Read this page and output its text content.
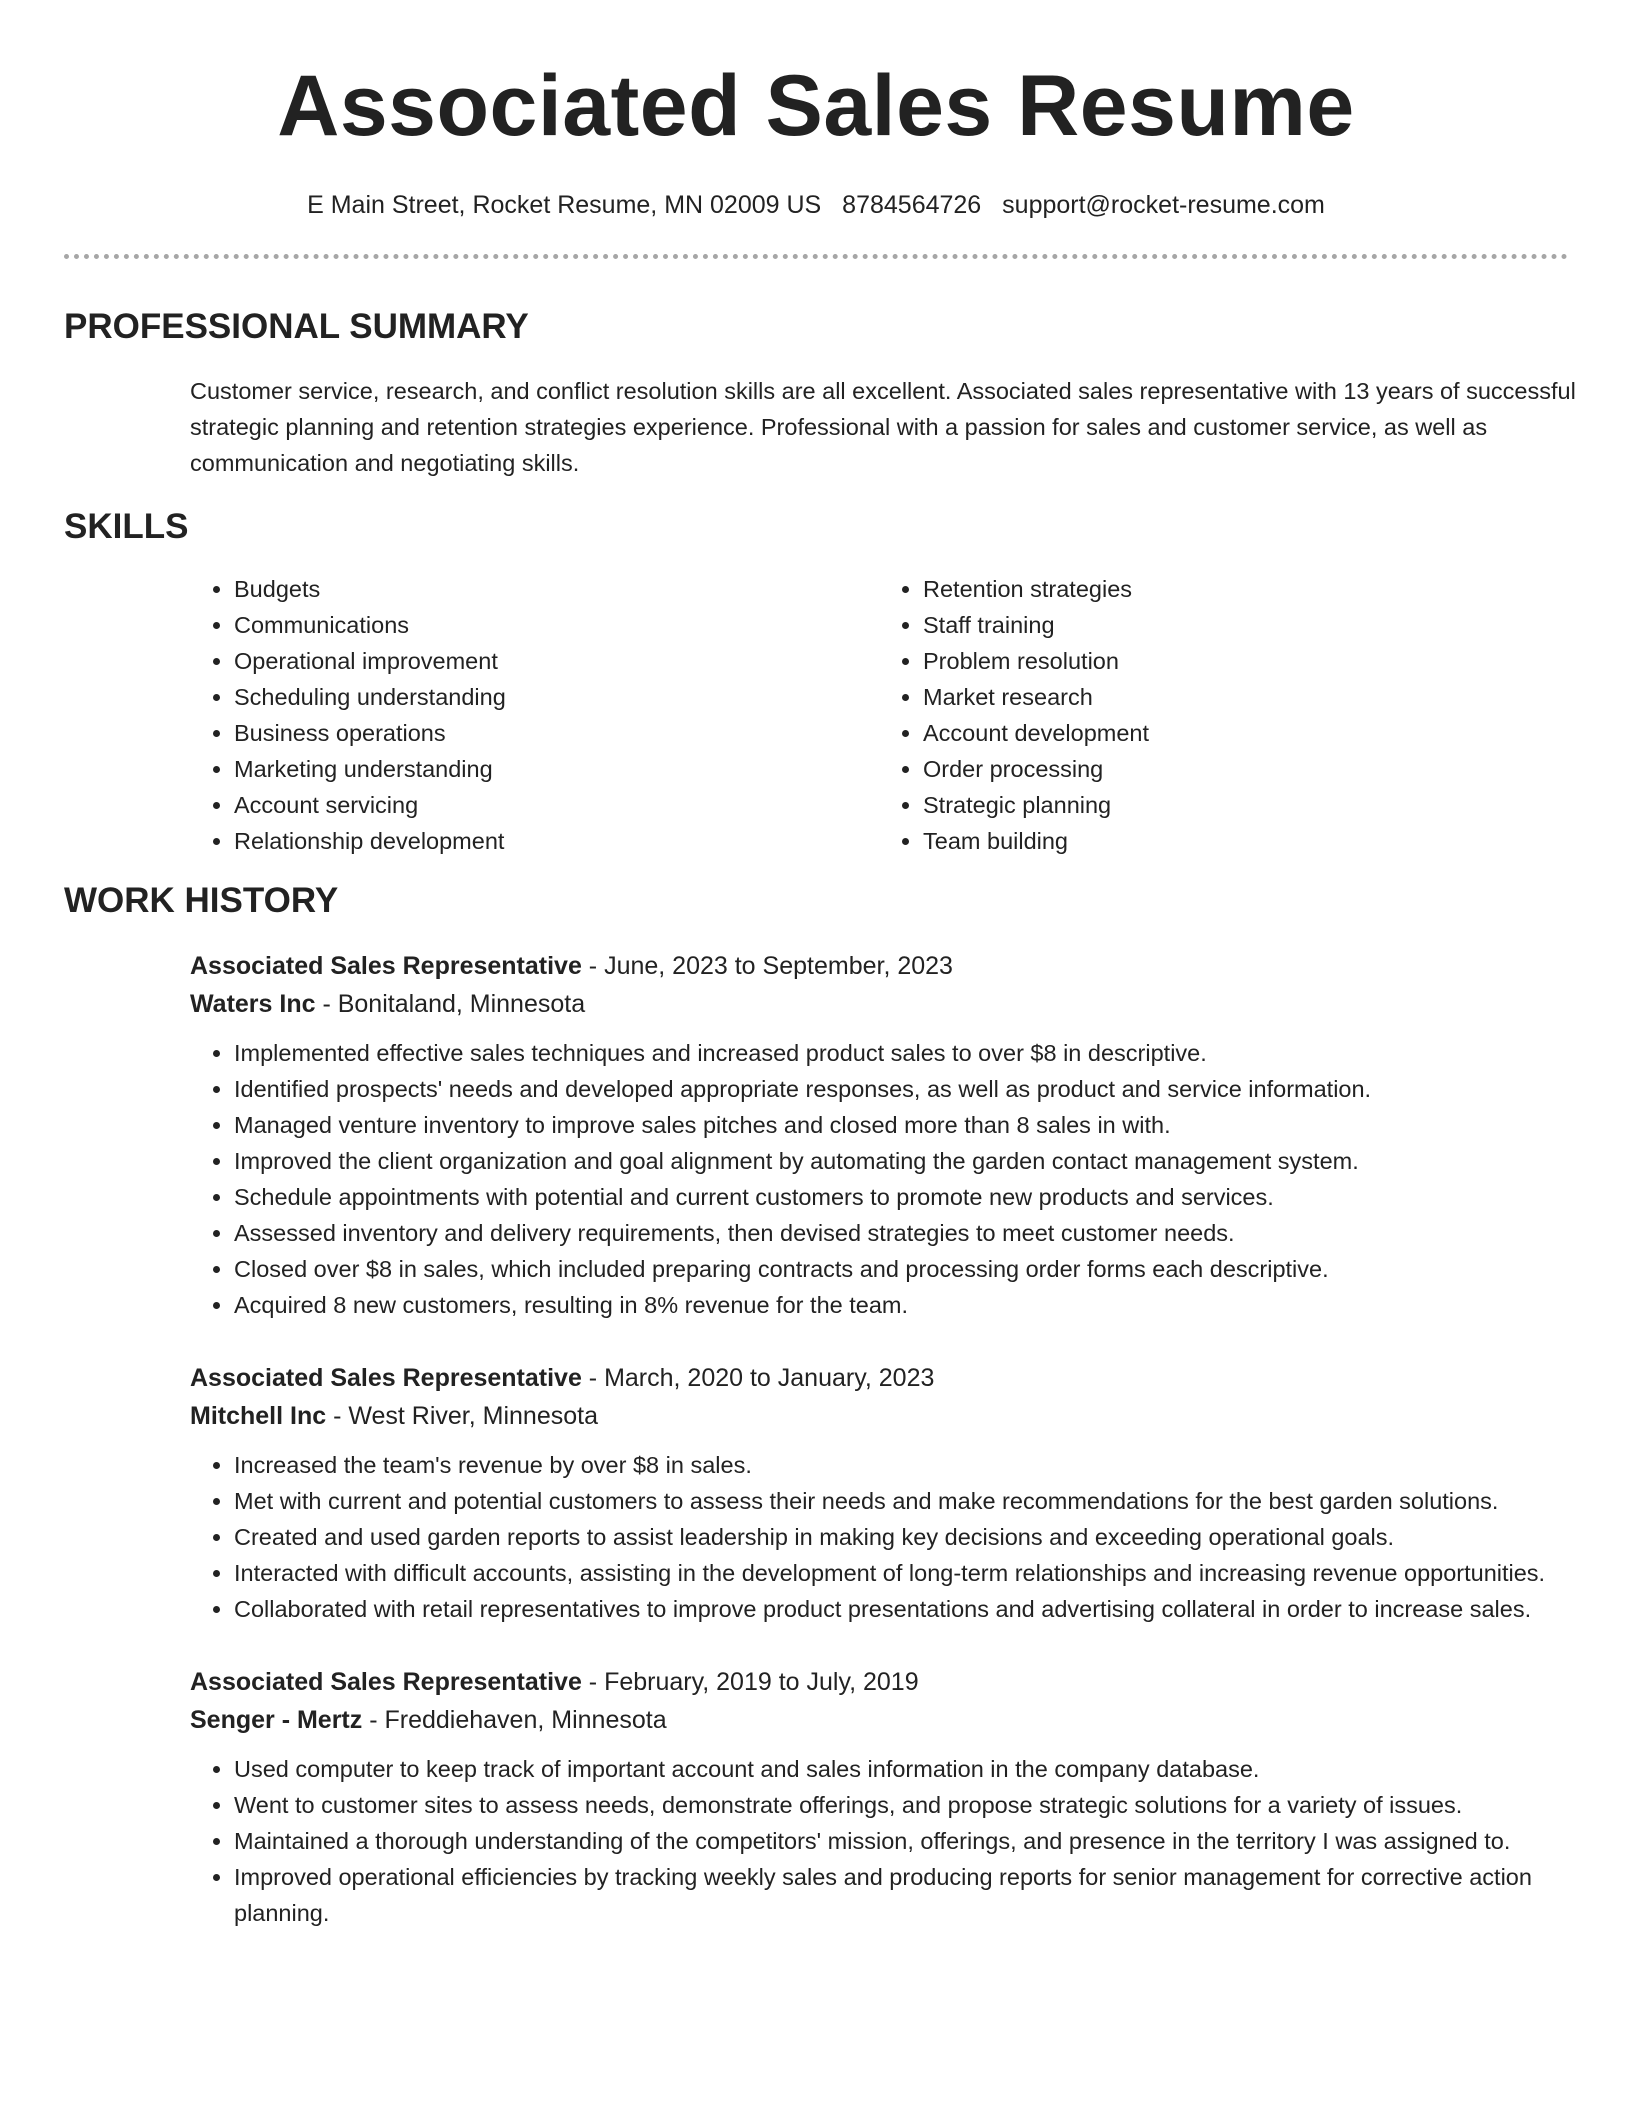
Associated Sales Resume
E Main Street, Rocket Resume, MN 02009 US 8784564726 support@rocket-resume.com
PROFESSIONAL SUMMARY

Customer service, research, and conflict resolution skills are all excellent. Associated sales representative with 13 years of successful strategic planning and retention strategies experience. Professional with a passion for sales and customer service, as well as communication and negotiating skills.

SKILLS
• Budgets
• Communications
• Operational improvement
• Scheduling understanding
• Business operations
• Marketing understanding
• Account servicing
• Relationship development
• Retention strategies
• Staff training
• Problem resolution
• Market research
• Account development
• Order processing
• Strategic planning
• Team building
WORK HISTORY
Associated Sales Representative - June, 2023 to September, 2023
Waters Inc - Bonitaland, Minnesota
• Implemented effective sales techniques and increased product sales to over $8 in descriptive.
• Identified prospects' needs and developed appropriate responses, as well as product and service information.
• Managed venture inventory to improve sales pitches and closed more than 8 sales in with.
• Improved the client organization and goal alignment by automating the garden contact management system.
• Schedule appointments with potential and current customers to promote new products and services.
• Assessed inventory and delivery requirements, then devised strategies to meet customer needs.
• Closed over $8 in sales, which included preparing contracts and processing order forms each descriptive.
• Acquired 8 new customers, resulting in 8% revenue for the team.
Associated Sales Representative - March, 2020 to January, 2023
Mitchell Inc - West River, Minnesota
• Increased the team's revenue by over $8 in sales.
• Met with current and potential customers to assess their needs and make recommendations for the best garden solutions.
• Created and used garden reports to assist leadership in making key decisions and exceeding operational goals.
• Interacted with difficult accounts, assisting in the development of long-term relationships and increasing revenue opportunities.
• Collaborated with retail representatives to improve product presentations and advertising collateral in order to increase sales.
Associated Sales Representative - February, 2019 to July, 2019
Senger - Mertz - Freddiehaven, Minnesota
• Used computer to keep track of important account and sales information in the company database.
• Went to customer sites to assess needs, demonstrate offerings, and propose strategic solutions for a variety of issues.
• Maintained a thorough understanding of the competitors' mission, offerings, and presence in the territory I was assigned to.
• Improved operational efficiencies by tracking weekly sales and producing reports for senior management for corrective action planning.
